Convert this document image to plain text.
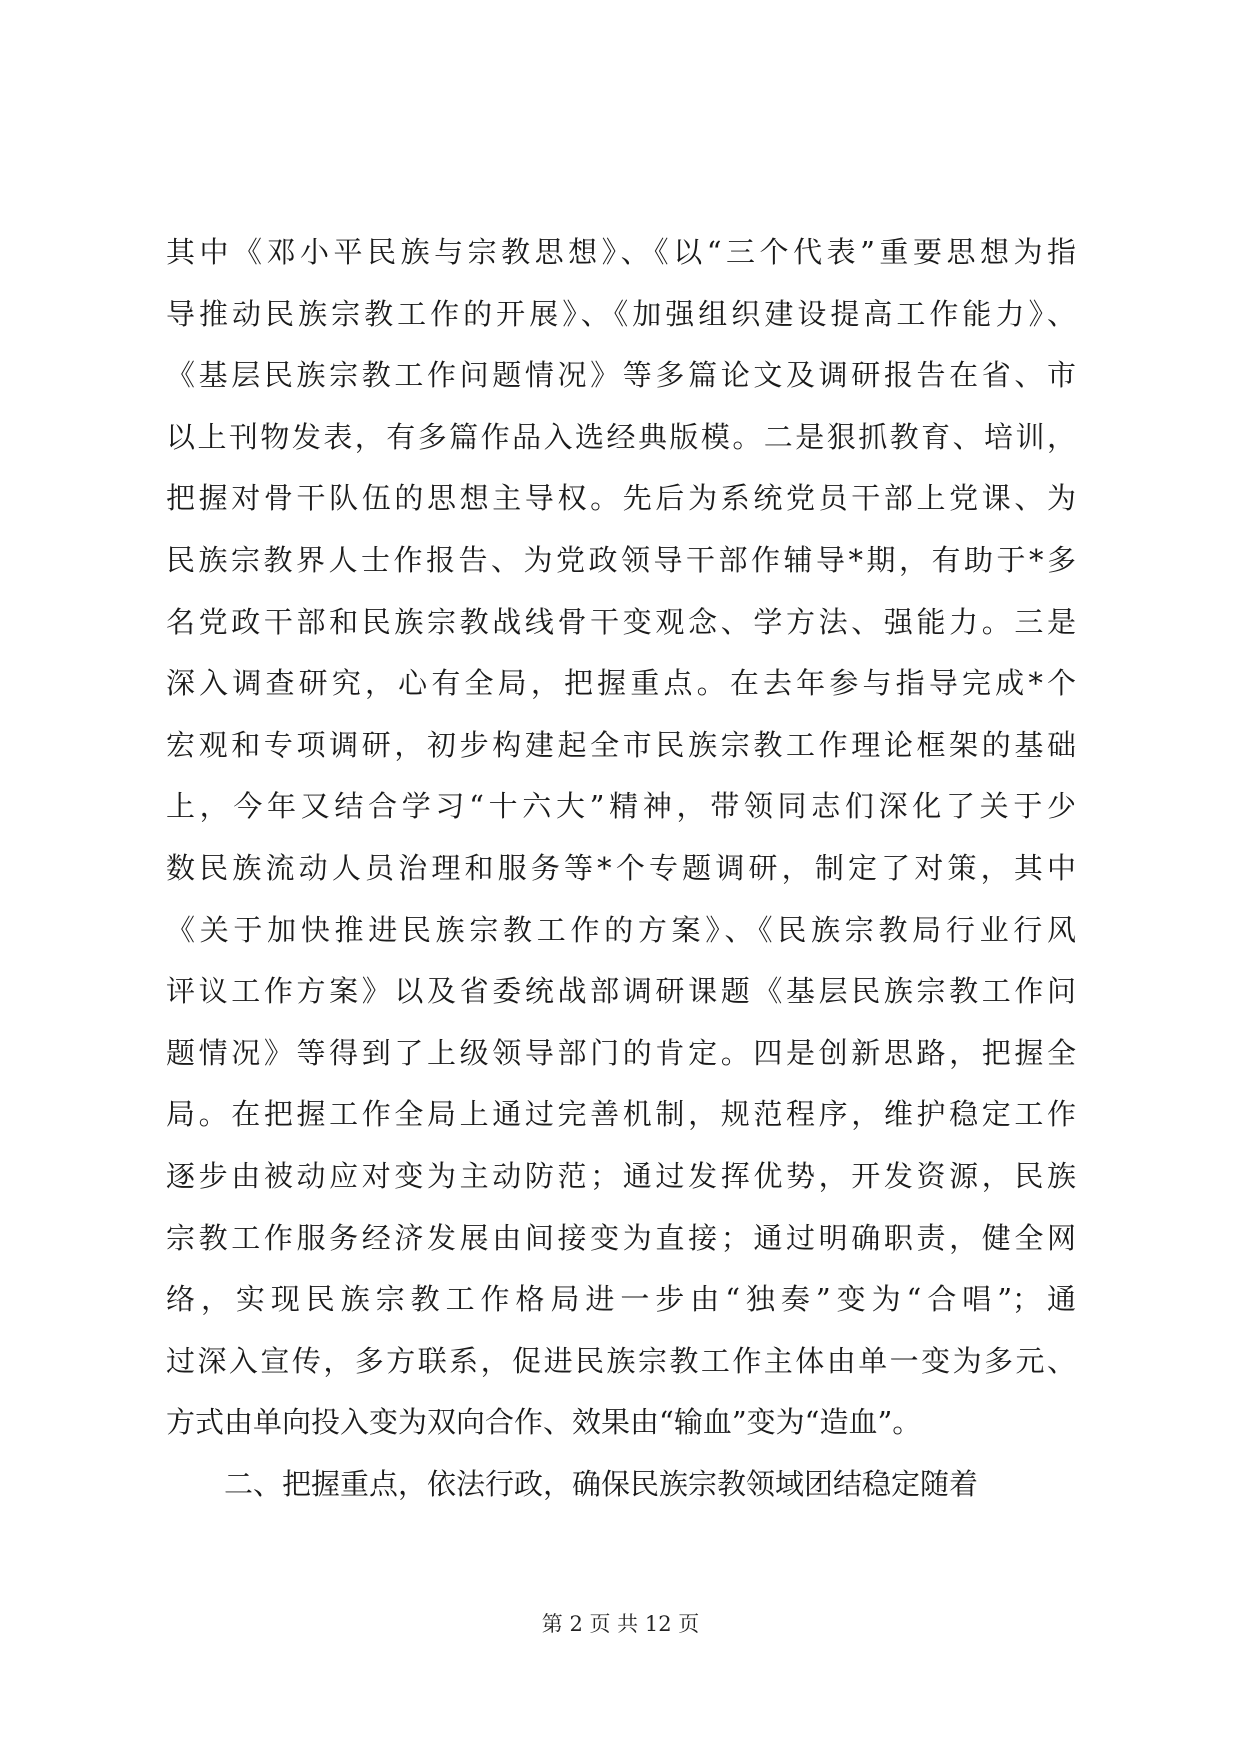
其中《邓小平民族与宗教思想》、《以“三个代表”重要思想为指
导推动民族宗教工作的开展》、《加强组织建设提高工作能力》、
《基层民族宗教工作问题情况》等多篇论文及调研报告在省、市
以上刊物发表，有多篇作品入选经典版模。二是狠抓教育、培训，
把握对骨干队伍的思想主导权。先后为系统党员干部上党课、为
民族宗教界人士作报告、为党政领导干部作辅导*期，有助于*多
名党政干部和民族宗教战线骨干变观念、学方法、强能力。三是
深入调查研究，心有全局，把握重点。在去年参与指导完成*个
宏观和专项调研，初步构建起全市民族宗教工作理论框架的基础
上，今年又结合学习“十六大”精神，带领同志们深化了关于少
数民族流动人员治理和服务等*个专题调研，制定了对策，其中
《关于加快推进民族宗教工作的方案》、《民族宗教局行业行风
评议工作方案》以及省委统战部调研课题《基层民族宗教工作问
题情况》等得到了上级领导部门的肯定。四是创新思路，把握全
局。在把握工作全局上通过完善机制，规范程序，维护稳定工作
逐步由被动应对变为主动防范；通过发挥优势，开发资源，民族
宗教工作服务经济发展由间接变为直接；通过明确职责，健全网
络，实现民族宗教工作格局进一步由“独奏”变为“合唱”；通
过深入宣传，多方联系，促进民族宗教工作主体由单一变为多元、
方式由单向投入变为双向合作、效果由“输血”变为“造血”。
二、把握重点，依法行政，确保民族宗教领域团结稳定随着
第 2 页 共 12 页
